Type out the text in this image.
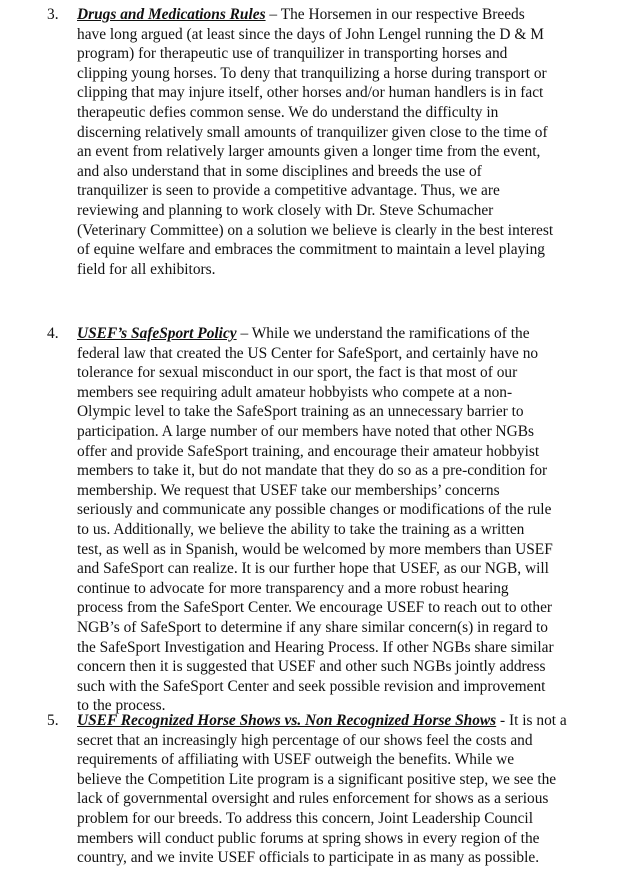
3. Drugs and Medications Rules – The Horsemen in our respective Breeds
have long argued (at least since the days of John Lengel running the D & M
program) for therapeutic use of tranquilizer in transporting horses and
clipping young horses. To deny that tranquilizing a horse during transport or
clipping that may injure itself, other horses and/or human handlers is in fact
therapeutic defies common sense. We do understand the difficulty in
discerning relatively small amounts of tranquilizer given close to the time of
an event from relatively larger amounts given a longer time from the event,
and also understand that in some disciplines and breeds the use of
tranquilizer is seen to provide a competitive advantage. Thus, we are
reviewing and planning to work closely with Dr. Steve Schumacher
(Veterinary Committee) on a solution we believe is clearly in the best interest
of equine welfare and embraces the commitment to maintain a level playing
field for all exhibitors.
4. USEF’s SafeSport Policy – While we understand the ramifications of the
federal law that created the US Center for SafeSport, and certainly have no
tolerance for sexual misconduct in our sport, the fact is that most of our
members see requiring adult amateur hobbyists who compete at a non-
Olympic level to take the SafeSport training as an unnecessary barrier to
participation. A large number of our members have noted that other NGBs
offer and provide SafeSport training, and encourage their amateur hobbyist
members to take it, but do not mandate that they do so as a pre-condition for
membership. We request that USEF take our memberships’ concerns
seriously and communicate any possible changes or modifications of the rule
to us. Additionally, we believe the ability to take the training as a written
test, as well as in Spanish, would be welcomed by more members than USEF
and SafeSport can realize. It is our further hope that USEF, as our NGB, will
continue to advocate for more transparency and a more robust hearing
process from the SafeSport Center. We encourage USEF to reach out to other
NGB’s of SafeSport to determine if any share similar concern(s) in regard to
the SafeSport Investigation and Hearing Process. If other NGBs share similar
concern then it is suggested that USEF and other such NGBs jointly address
such with the SafeSport Center and seek possible revision and improvement
to the process.
5. USEF Recognized Horse Shows vs. Non Recognized Horse Shows - It is not a
secret that an increasingly high percentage of our shows feel the costs and
requirements of affiliating with USEF outweigh the benefits. While we
believe the Competition Lite program is a significant positive step, we see the
lack of governmental oversight and rules enforcement for shows as a serious
problem for our breeds. To address this concern, Joint Leadership Council
members will conduct public forums at spring shows in every region of the
country, and we invite USEF officials to participate in as many as possible.
